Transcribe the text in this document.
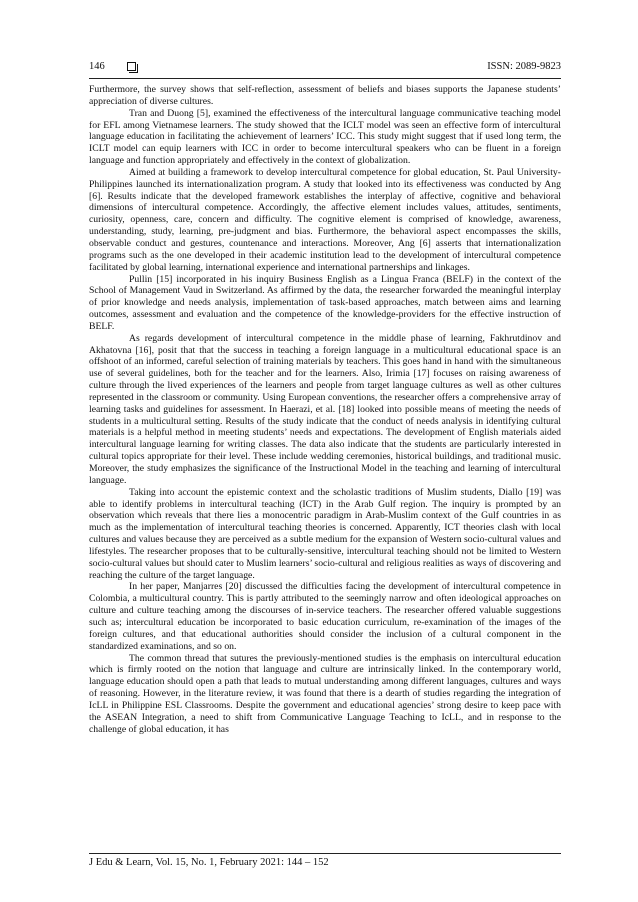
146	ISSN: 2089-9823

Furthermore, the survey shows that self-reflection, assessment of beliefs and biases supports the Japanese students’ appreciation of diverse cultures.

Tran and Duong [5], examined the effectiveness of the intercultural language communicative teaching model for EFL among Vietnamese learners. The study showed that the ICLT model was seen an effective form of intercultural language education in facilitating the achievement of learners’ ICC. This study might suggest that if used long term, the ICLT model can equip learners with ICC in order to become intercultural speakers who can be fluent in a foreign language and function appropriately and effectively in the context of globalization.

Aimed at building a framework to develop intercultural competence for global education, St. Paul University- Philippines launched its internationalization program. A study that looked into its effectiveness was conducted by Ang [6]. Results indicate that the developed framework establishes the interplay of affective, cognitive and behavioral dimensions of intercultural competence. Accordingly, the affective element includes values, attitudes, sentiments, curiosity, openness, care, concern and difficulty. The cognitive element is comprised of knowledge, awareness, understanding, study, learning, pre-judgment and bias. Furthermore, the behavioral aspect encompasses the skills, observable conduct and gestures, countenance and interactions. Moreover, Ang [6] asserts that internationalization programs such as the one developed in their academic institution lead to the development of intercultural competence facilitated by global learning, international experience and international partnerships and linkages.

Pullin [15] incorporated in his inquiry Business English as a Lingua Franca (BELF) in the context of the School of Management Vaud in Switzerland. As affirmed by the data, the researcher forwarded the meaningful interplay of prior knowledge and needs analysis, implementation of task-based approaches, match between aims and learning outcomes, assessment and evaluation and the competence of the knowledge-providers for the effective instruction of BELF.

As regards development of intercultural competence in the middle phase of learning, Fakhrutdinov and Akhatovna [16], posit that that the success in teaching a foreign language in a multicultural educational space is an offshoot of an informed, careful selection of training materials by teachers. This goes hand in hand with the simultaneous use of several guidelines, both for the teacher and for the learners. Also, Irimia [17] focuses on raising awareness of culture through the lived experiences of the learners and people from target language cultures as well as other cultures represented in the classroom or community. Using European conventions, the researcher offers a comprehensive array of learning tasks and guidelines for assessment. In Haerazi, et al. [18] looked into possible means of meeting the needs of students in a multicultural setting. Results of the study indicate that the conduct of needs analysis in identifying cultural materials is a helpful method in meeting students’ needs and expectations. The development of English materials aided intercultural language learning for writing classes. The data also indicate that the students are particularly interested in cultural topics appropriate for their level. These include wedding ceremonies, historical buildings, and traditional music. Moreover, the study emphasizes the significance of the Instructional Model in the teaching and learning of intercultural language.

Taking into account the epistemic context and the scholastic traditions of Muslim students, Diallo [19] was able to identify problems in intercultural teaching (ICT) in the Arab Gulf region. The inquiry is prompted by an observation which reveals that there lies a monocentric paradigm in Arab-Muslim context of the Gulf countries in as much as the implementation of intercultural teaching theories is concerned. Apparently, ICT theories clash with local cultures and values because they are perceived as a subtle medium for the expansion of Western socio-cultural values and lifestyles. The researcher proposes that to be culturally-sensitive, intercultural teaching should not be limited to Western socio-cultural values but should cater to Muslim learners’ socio-cultural and religious realities as ways of discovering and reaching the culture of the target language.

In her paper, Manjarres [20] discussed the difficulties facing the development of intercultural competence in Colombia, a multicultural country. This is partly attributed to the seemingly narrow and often ideological approaches on culture and culture teaching among the discourses of in-service teachers. The researcher offered valuable suggestions such as; intercultural education be incorporated to basic education curriculum, re-examination of the images of the foreign cultures, and that educational authorities should consider the inclusion of a cultural component in the standardized examinations, and so on.

The common thread that sutures the previously-mentioned studies is the emphasis on intercultural education which is firmly rooted on the notion that language and culture are intrinsically linked. In the contemporary world, language education should open a path that leads to mutual understanding among different languages, cultures and ways of reasoning. However, in the literature review, it was found that there is a dearth of studies regarding the integration of IcLL in Philippine ESL Classrooms. Despite the government and educational agencies’ strong desire to keep pace with the ASEAN Integration, a need to shift from Communicative Language Teaching to IcLL, and in response to the challenge of global education, it has

J Edu & Learn, Vol. 15, No. 1, February 2021: 144 – 152
